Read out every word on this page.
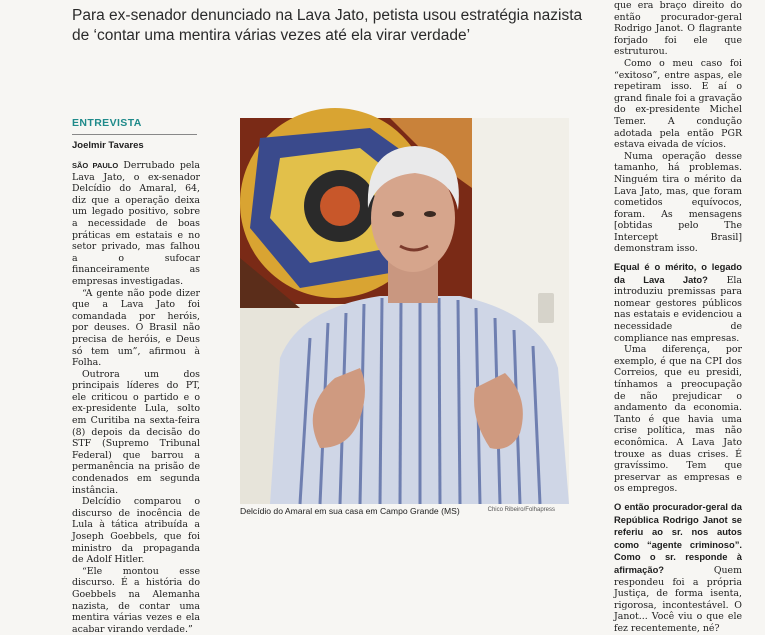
Para ex-senador denunciado na Lava Jato, petista usou estratégia nazista de ‘contar uma mentira várias vezes até ela virar verdade’

ENTREVISTA

Joelmir Tavares

SÃO PAULO Derrubado pela Lava Jato, o ex-senador Delcídio do Amaral, 64, diz que a operação deixa um legado positivo, sobre a necessidade de boas práticas em estatais e no setor privado, mas falhou a o sufocar financeiramente as empresas investigadas.

“A gente não pode dizer que a Lava Jato foi comandada por heróis, por deuses. O Brasil não precisa de heróis, e Deus só tem um”, afirmou à Folha.

Outrora um dos principais líderes do PT, ele criticou o partido e o ex-presidente Lula, solto em Curitiba na sexta-feira (8) depois da decisão do STF (Supremo Tribunal Federal) que barrou a permanência na prisão de condenados em segunda instância.

Delcídio comparou o discurso de inocência de Lula à tática atribuída a Joseph Goebbels, que foi ministro da propaganda de Adolf Hitler.

“Ele montou esse discurso. É a história do Goebbels na Alemanha nazista, de contar uma mentira várias vezes e ela acabar virando verdade.”

Delcídio do Amaral em sua casa em Campo Grande (MS)	Chico Ribeiro/Folhapress

que era braço direito do então procurador-geral Rodrigo Janot. O flagrante forjado foi ele que estruturou.

Como o meu caso foi “exitoso”, entre aspas, ele repetiram isso. E aí o grand finale foi a gravação do ex-presidente Michel Temer. A condução adotada pela então PGR estava eivada de vícios.

Numa operação desse tamanho, há problemas. Ninguém tira o mérito da Lava Jato, mas, que foram cometidos equívocos, foram. As mensagens [obtidas pelo The Intercept Brasil] demonstram isso.

Equal é o mérito, o legado da Lava Jato? Ela introduziu premissas para nomear gestores públicos nas estatais e evidenciou a necessidade de compliance nas empresas.

Uma diferença, por exemplo, é que na CPI dos Correios, que eu presidi, tínhamos a preocupação de não prejudicar o andamento da economia. Tanto é que havia uma crise política, mas não econômica. A Lava Jato trouxe as duas crises. É gravíssimo. Tem que preservar as empresas e os empregos.

O então procurador-geral da República Rodrigo Janot se referiu ao sr. nos autos como “agente criminoso”. Como o sr. responde à afirmação?	Quem respondeu foi a própria Justiça, de forma isenta, rigorosa, incontestável. O Janot... Você viu o que ele fez recentemente, né?
